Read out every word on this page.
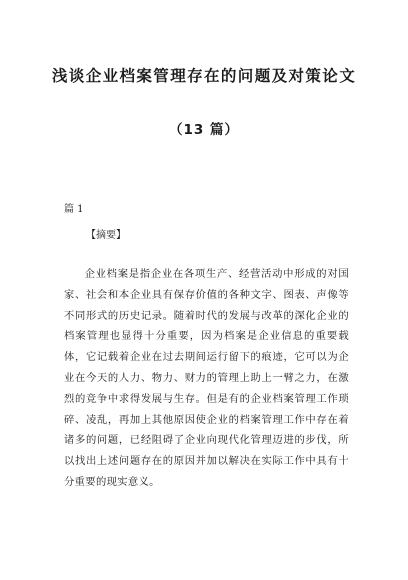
浅谈企业档案管理存在的问题及对策论文
（13 篇）

篇 1

【摘要】

企业档案是指企业在各项生产、经营活动中形成的对国家、社会和本企业具有保存价值的各种文字、图表、声像等不同形式的历史记录。随着时代的发展与改革的深化企业的档案管理也显得十分重要，因为档案是企业信息的重要载体，它记载着企业在过去期间运行留下的痕迹，它可以为企业在今天的人力、物力、财力的管理上助上一臂之力，在激烈的竞争中求得发展与生存。但是有的企业档案管理工作琐碎、凌乱，再加上其他原因使企业的档案管理工作中存在着诸多的问题，已经阻碍了企业向现代化管理迈进的步伐，所以找出上述问题存在的原因并加以解决在实际工作中具有十分重要的现实意义。
